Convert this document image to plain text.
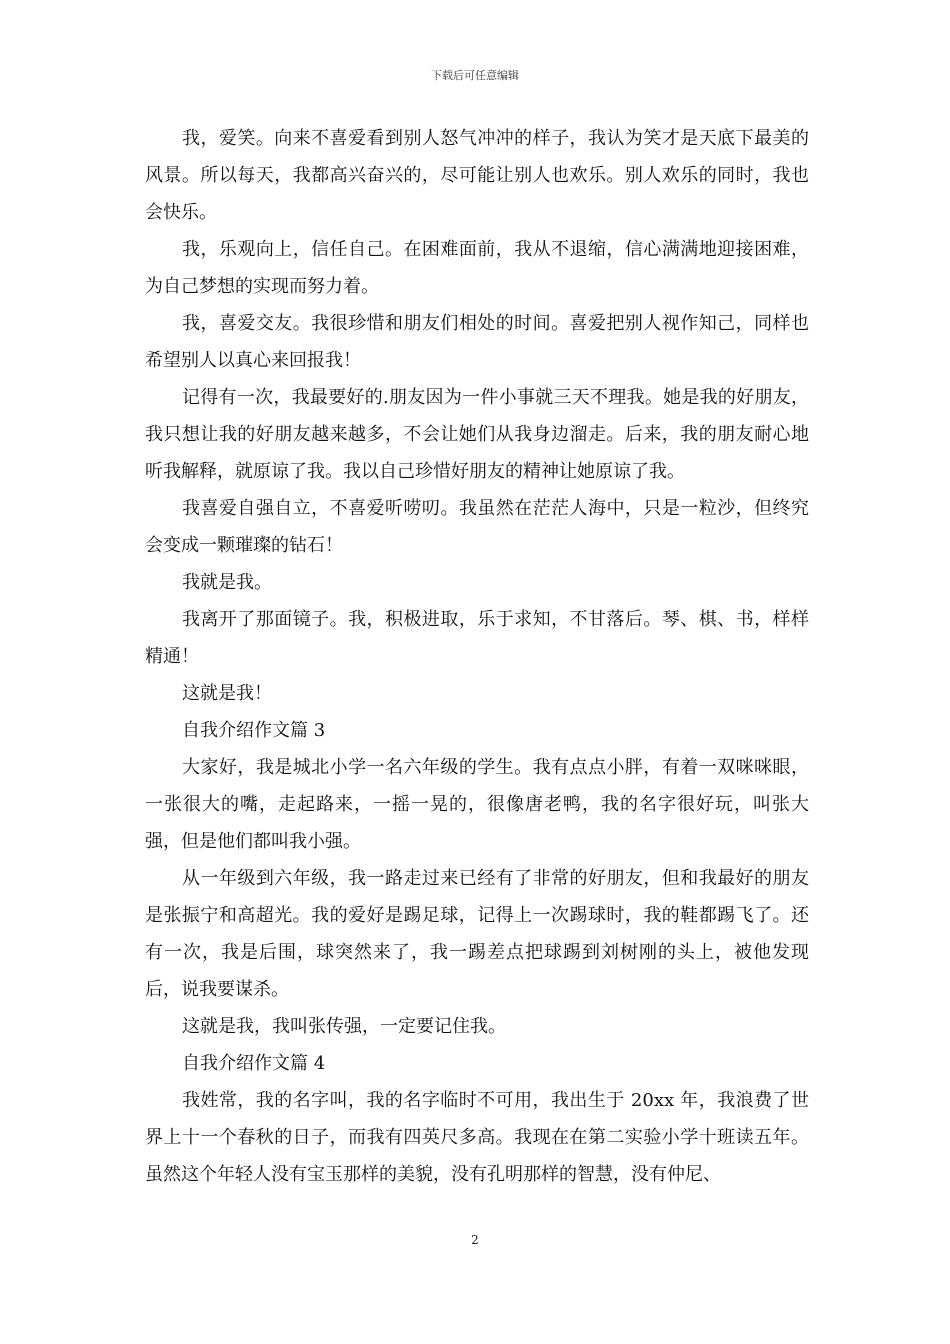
下载后可任意编辑

我，爱笑。向来不喜爱看到别人怒气冲冲的样子，我认为笑才是天底下最美的风景。所以每天，我都高兴奋兴的，尽可能让别人也欢乐。别人欢乐的同时，我也会快乐。

我，乐观向上，信任自己。在困难面前，我从不退缩，信心满满地迎接困难，为自己梦想的实现而努力着。

我，喜爱交友。我很珍惜和朋友们相处的时间。喜爱把别人视作知己，同样也希望别人以真心来回报我！

记得有一次，我最要好的.朋友因为一件小事就三天不理我。她是我的好朋友，我只想让我的好朋友越来越多，不会让她们从我身边溜走。后来，我的朋友耐心地听我解释，就原谅了我。我以自己珍惜好朋友的精神让她原谅了我。

我喜爱自强自立，不喜爱听唠叨。我虽然在茫茫人海中，只是一粒沙，但终究会变成一颗璀璨的钻石！

我就是我。

我离开了那面镜子。我，积极进取，乐于求知，不甘落后。琴、棋、书，样样精通！

这就是我！

自我介绍作文篇 3

大家好，我是城北小学一名六年级的学生。我有点点小胖，有着一双咪咪眼，一张很大的嘴，走起路来，一摇一晃的，很像唐老鸭，我的名字很好玩，叫张大强，但是他们都叫我小强。

从一年级到六年级，我一路走过来已经有了非常的好朋友，但和我最好的朋友是张振宁和高超光。我的爱好是踢足球，记得上一次踢球时，我的鞋都踢飞了。还有一次，我是后围，球突然来了，我一踢差点把球踢到刘树刚的头上，被他发现后，说我要谋杀。

这就是我，我叫张传强，一定要记住我。

自我介绍作文篇 4

我姓常，我的名字叫，我的名字临时不可用，我出生于 20xx 年，我浪费了世界上十一个春秋的日子，而我有四英尺多高。我现在在第二实验小学十班读五年。虽然这个年轻人没有宝玉那样的美貌，没有孔明那样的智慧，没有仲尼、

2
